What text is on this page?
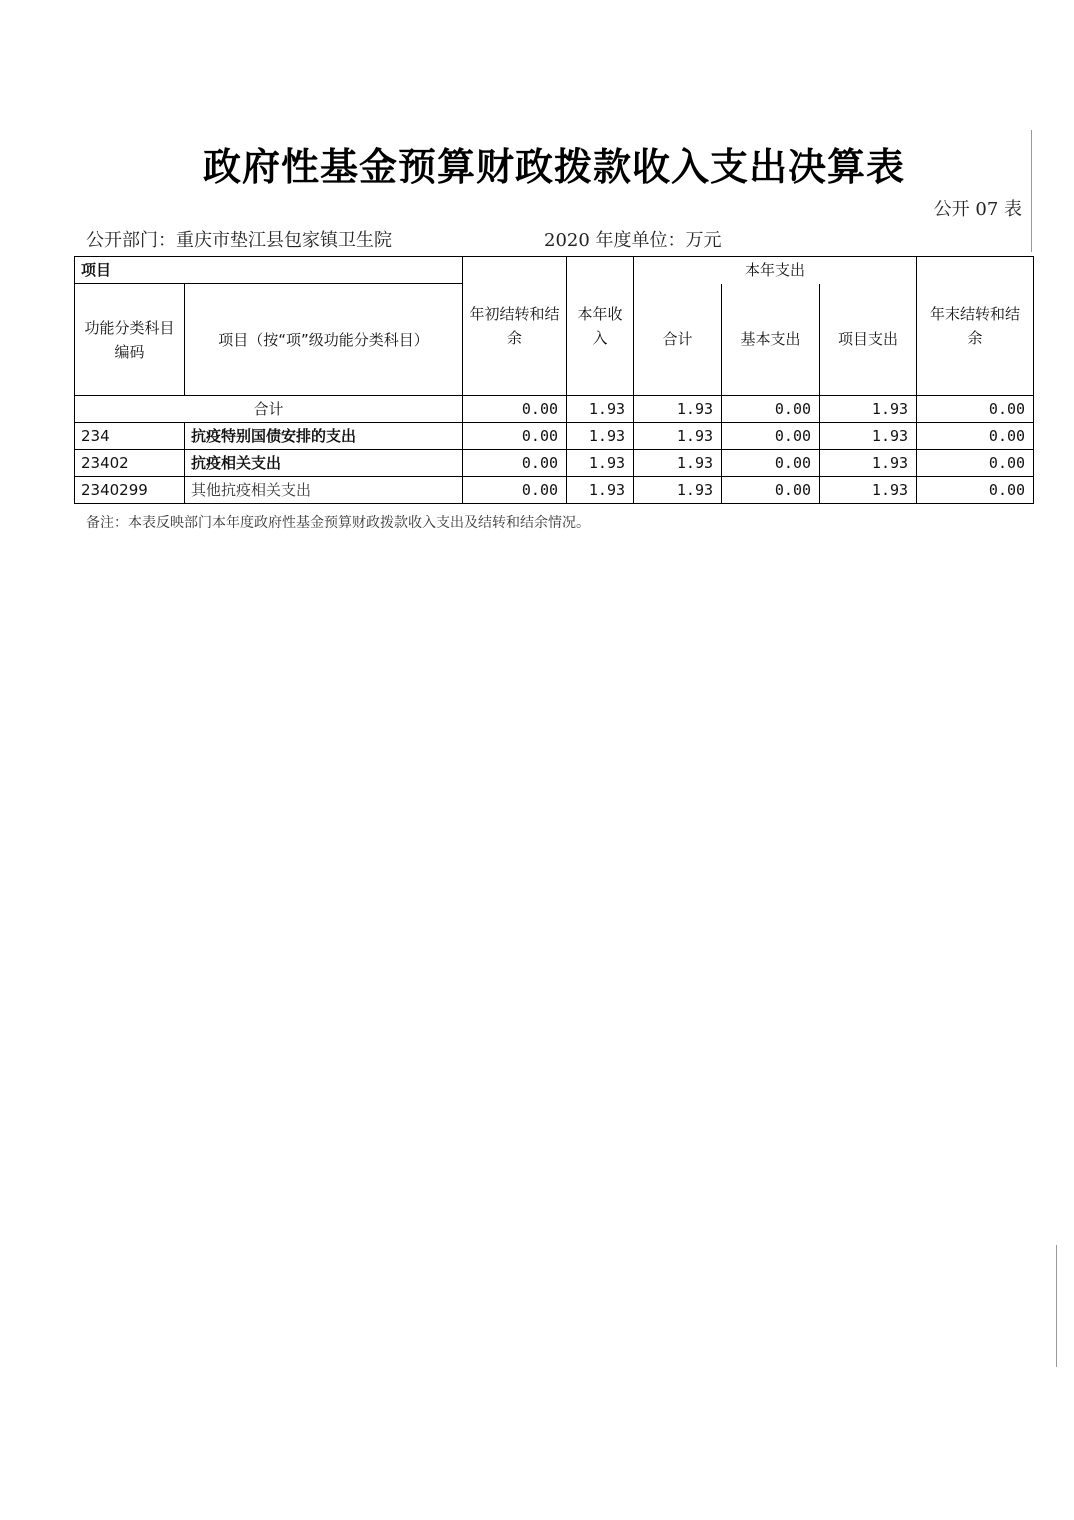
政府性基金预算财政拨款收入支出决算表
公开 07 表
公开部门：重庆市垫江县包家镇卫生院	2020 年度单位：万元
项目		年初结转和结余	本年收入	本年支出			年末结转和结余
功能分类科目编码	项目（按“项”级功能分类科目）			合计	基本支出	项目支出	
合计		0.00	1.93	1.93	0.00	1.93	0.00
234	抗疫特别国债安排的支出	0.00	1.93	1.93	0.00	1.93	0.00
23402	抗疫相关支出	0.00	1.93	1.93	0.00	1.93	0.00
2340299	其他抗疫相关支出	0.00	1.93	1.93	0.00	1.93	0.00
备注：本表反映部门本年度政府性基金预算财政拨款收入支出及结转和结余情况。
